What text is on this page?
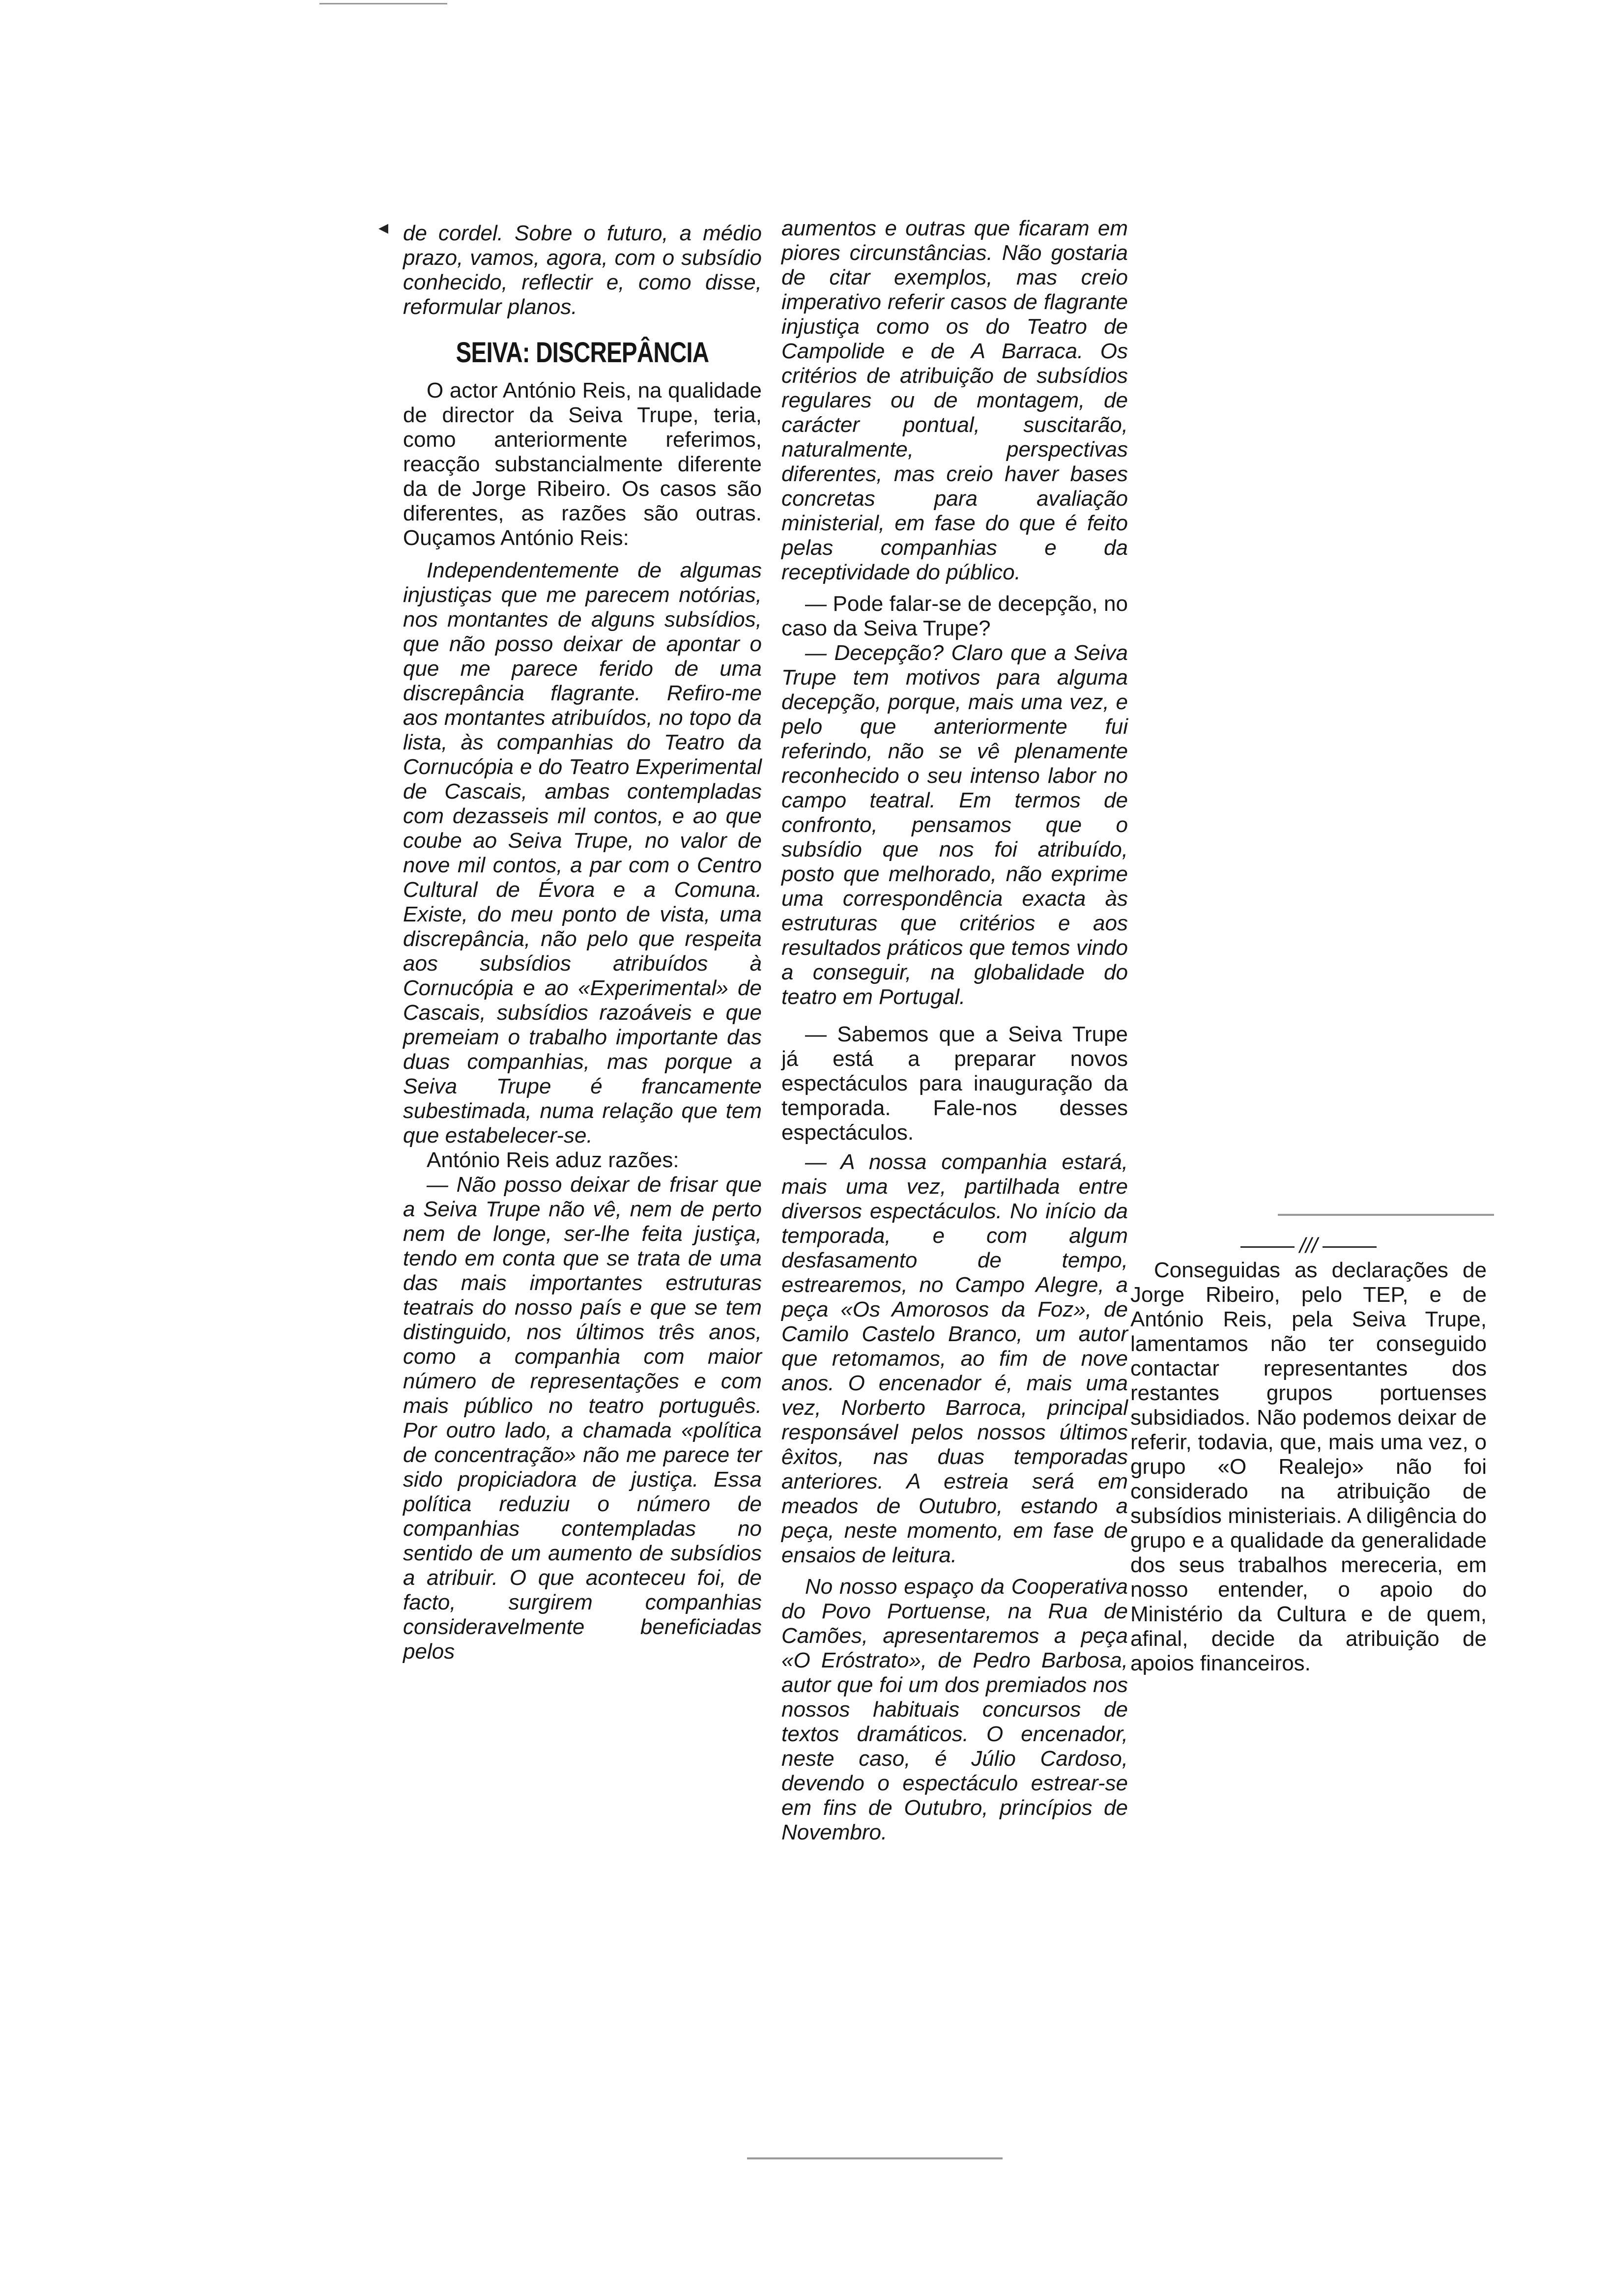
◂ de cordel. Sobre o futuro, a médio prazo, vamos, agora, com o subsídio conhecido, reflectir e, como disse, reformular planos.

SEIVA: DISCREPÂNCIA

O actor António Reis, na qualidade de director da Seiva Trupe, teria, como anteriormente referimos, reacção substancialmente diferente da de Jorge Ribeiro. Os casos são diferentes, as razões são outras. Ouçamos António Reis:

Independentemente de algumas injustiças que me parecem notórias, nos montantes de alguns subsídios, que não posso deixar de apontar o que me parece ferido de uma discrepância flagrante. Refiro-me aos montantes atribuídos, no topo da lista, às companhias do Teatro da Cornucópia e do Teatro Experimental de Cascais, ambas contempladas com dezasseis mil contos, e ao que coube ao Seiva Trupe, no valor de nove mil contos, a par com o Centro Cultural de Évora e a Comuna. Existe, do meu ponto de vista, uma discrepância, não pelo que respeita aos subsídios atribuídos à Cornucópia e ao «Experimental» de Cascais, subsídios razoáveis e que premeiam o trabalho importante das duas companhias, mas porque a Seiva Trupe é francamente subestimada, numa relação que tem que estabelecer-se.

António Reis aduz razões:

— Não posso deixar de frisar que a Seiva Trupe não vê, nem de perto nem de longe, ser-lhe feita justiça, tendo em conta que se trata de uma das mais importantes estruturas teatrais do nosso país e que se tem distinguido, nos últimos três anos, como a companhia com maior número de representações e com mais público no teatro português. Por outro lado, a chamada «política de concentração» não me parece ter sido propiciadora de justiça. Essa política reduziu o número de companhias contempladas no sentido de um aumento de subsídios a atribuir. O que aconteceu foi, de facto, surgirem companhias consideravelmente beneficiadas pelos

aumentos e outras que ficaram em piores circunstâncias. Não gostaria de citar exemplos, mas creio imperativo referir casos de flagrante injustiça como os do Teatro de Campolide e de A Barraca. Os critérios de atribuição de subsídios regulares ou de montagem, de carácter pontual, suscitarão, naturalmente, perspectivas diferentes, mas creio haver bases concretas para avaliação ministerial, em fase do que é feito pelas companhias e da receptividade do público.

— Pode falar-se de decepção, no caso da Seiva Trupe?

— Decepção? Claro que a Seiva Trupe tem motivos para alguma decepção, porque, mais uma vez, e pelo que anteriormente fui referindo, não se vê plenamente reconhecido o seu intenso labor no campo teatral. Em termos de confronto, pensamos que o subsídio que nos foi atribuído, posto que melhorado, não exprime uma correspondência exacta às estruturas que critérios e aos resultados práticos que temos vindo a conseguir, na globalidade do teatro em Portugal.

— Sabemos que a Seiva Trupe já está a preparar novos espectáculos para inauguração da temporada. Fale-nos desses espectáculos.

— A nossa companhia estará, mais uma vez, partilhada entre diversos espectáculos. No início da temporada, e com algum desfasamento de tempo, estrearemos, no Campo Alegre, a peça «Os Amorosos da Foz», de Camilo Castelo Branco, um autor que retomamos, ao fim de nove anos. O encenador é, mais uma vez, Norberto Barroca, principal responsável pelos nossos últimos êxitos, nas duas temporadas anteriores. A estreia será em meados de Outubro, estando a peça, neste momento, em fase de ensaios de leitura.

No nosso espaço da Cooperativa do Povo Portuense, na Rua de Camões, apresentaremos a peça «O Eróstrato», de Pedro Barbosa, autor que foi um dos premiados nos nossos habituais concursos de textos dramáticos. O encenador, neste caso, é Júlio Cardoso, devendo o espectáculo estrear-se em fins de Outubro, princípios de Novembro.

///

Conseguidas as declarações de Jorge Ribeiro, pelo TEP, e de António Reis, pela Seiva Trupe, lamentamos não ter conseguido contactar representantes dos restantes grupos portuenses subsidiados. Não podemos deixar de referir, todavia, que, mais uma vez, o grupo «O Realejo» não foi considerado na atribuição de subsídios ministeriais. A diligência do grupo e a qualidade da generalidade dos seus trabalhos mereceria, em nosso entender, o apoio do Ministério da Cultura e de quem, afinal, decide da atribuição de apoios financeiros.
